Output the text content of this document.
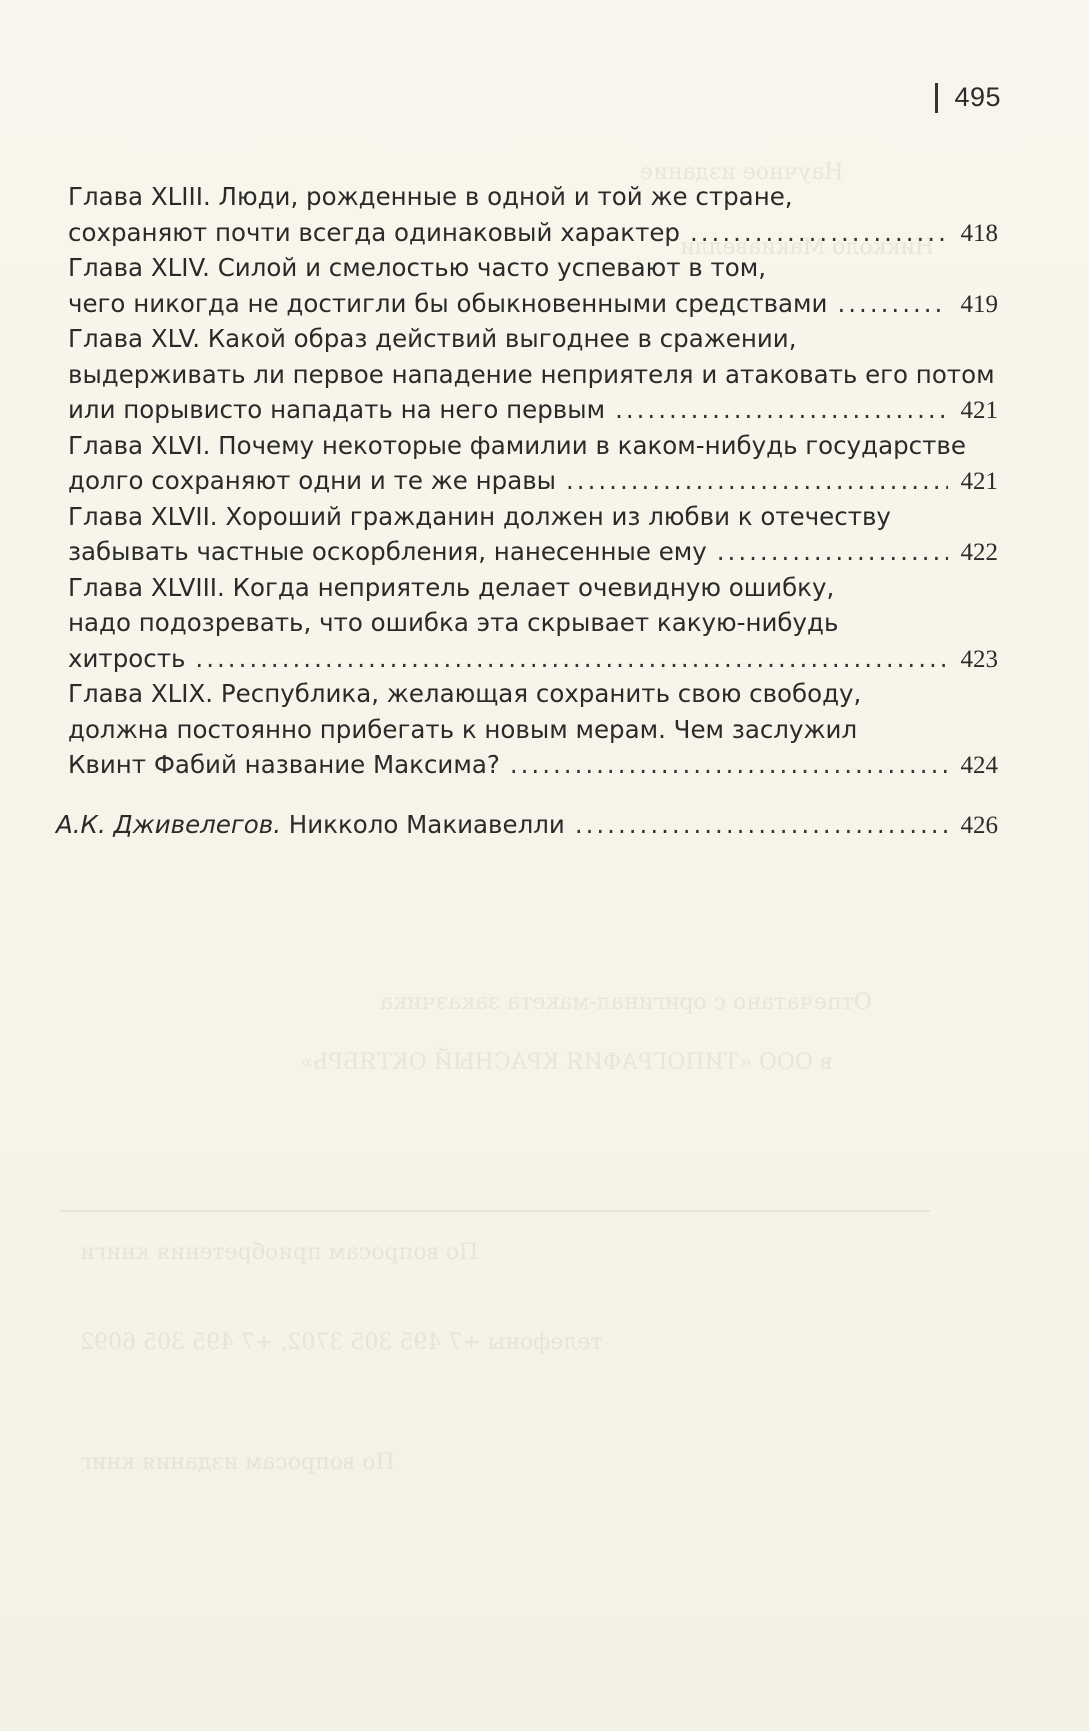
Научное издание
Никколо Макиавелли
Отпечатано с оригинал-макета заказчика
в ООО «ТИПОГРАФИЯ КРАСНЫЙ ОКТЯБРЬ»
По вопросам приобретения книги
телефоны +7 495 305 3702, +7 495 305 6092
По вопросам издания книг
495
Глава XLIII. Люди, рожденные в одной и той же стране,
сохраняют почти всегда одинаковый характер .....	418
Глава XLIV. Силой и смелостью часто успевают в том,
чего никогда не достигли бы обыкновенными средствами .....	419
Глава XLV. Какой образ действий выгоднее в сражении,
выдерживать ли первое нападение неприятеля и атаковать его потом
или порывисто нападать на него первым .....	421
Глава XLVI. Почему некоторые фамилии в каком-нибудь государстве
долго сохраняют одни и те же нравы .....	421
Глава XLVII. Хороший гражданин должен из любви к отечеству
забывать частные оскорбления, нанесенные ему .....	422
Глава XLVIII. Когда неприятель делает очевидную ошибку,
надо подозревать, что ошибка эта скрывает какую-нибудь
хитрость .....	423
Глава XLIX. Республика, желающая сохранить свою свободу,
должна постоянно прибегать к новым мерам. Чем заслужил
Квинт Фабий название Максима? .....	424
А.К. Дживелегов. Никколо Макиавелли .....	426
